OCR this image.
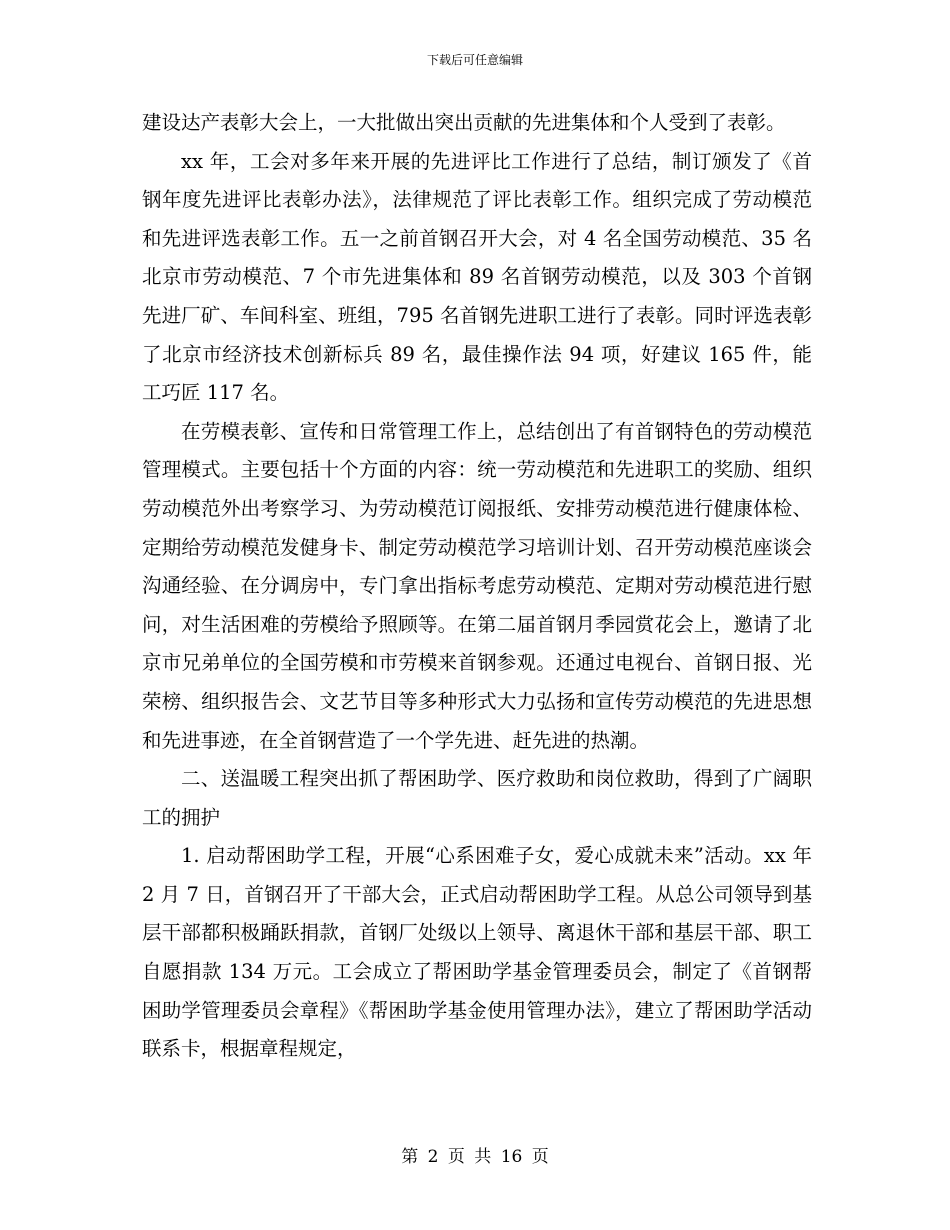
下载后可任意编辑

建设达产表彰大会上，一大批做出突出贡献的先进集体和个人受到了表彰。

xx 年，工会对多年来开展的先进评比工作进行了总结，制订颁发了《首钢年度先进评比表彰办法》，法律规范了评比表彰工作。组织完成了劳动模范和先进评选表彰工作。五一之前首钢召开大会，对 4 名全国劳动模范、35 名北京市劳动模范、7 个市先进集体和 89 名首钢劳动模范，以及 303 个首钢先进厂矿、车间科室、班组，795 名首钢先进职工进行了表彰。同时评选表彰了北京市经济技术创新标兵 89 名，最佳操作法 94 项，好建议 165 件，能工巧匠 117 名。

在劳模表彰、宣传和日常管理工作上，总结创出了有首钢特色的劳动模范管理模式。主要包括十个方面的内容：统一劳动模范和先进职工的奖励、组织劳动模范外出考察学习、为劳动模范订阅报纸、安排劳动模范进行健康体检、定期给劳动模范发健身卡、制定劳动模范学习培训计划、召开劳动模范座谈会沟通经验、在分调房中，专门拿出指标考虑劳动模范、定期对劳动模范进行慰问，对生活困难的劳模给予照顾等。在第二届首钢月季园赏花会上，邀请了北京市兄弟单位的全国劳模和市劳模来首钢参观。还通过电视台、首钢日报、光荣榜、组织报告会、文艺节目等多种形式大力弘扬和宣传劳动模范的先进思想和先进事迹，在全首钢营造了一个学先进、赶先进的热潮。

二、送温暖工程突出抓了帮困助学、医疗救助和岗位救助，得到了广阔职工的拥护

1. 启动帮困助学工程，开展“心系困难子女，爱心成就未来”活动。xx 年 2 月 7 日，首钢召开了干部大会，正式启动帮困助学工程。从总公司领导到基层干部都积极踊跃捐款，首钢厂处级以上领导、离退休干部和基层干部、职工自愿捐款 134 万元。工会成立了帮困助学基金管理委员会，制定了《首钢帮困助学管理委员会章程》《帮困助学基金使用管理办法》，建立了帮困助学活动联系卡，根据章程规定，

第 2 页 共 16 页
